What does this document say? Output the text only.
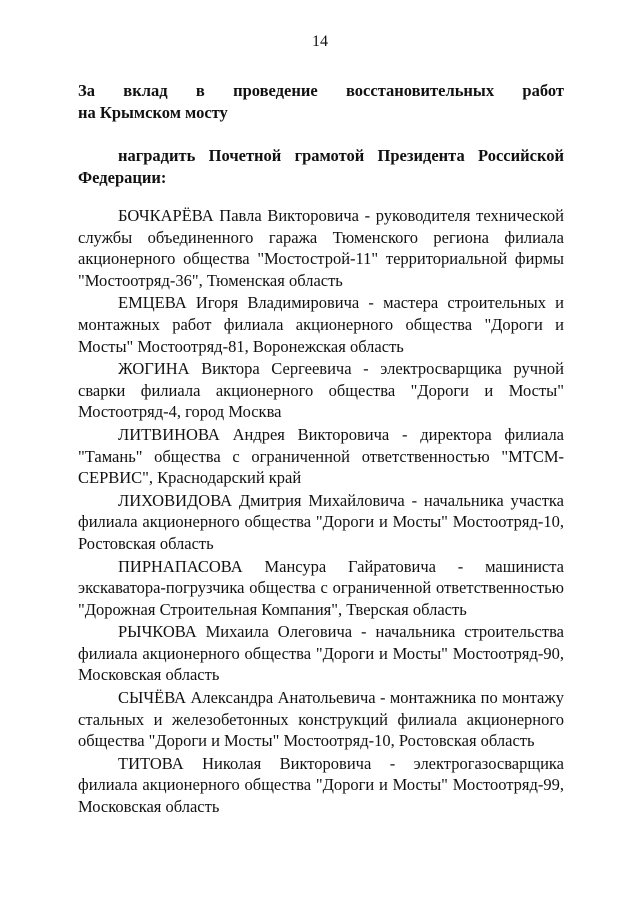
14
За вклад в проведение восстановительных работ
на Крымском мосту
наградить Почетной грамотой Президента Российской
Федерации:

БОЧКАРЁВА Павла Викторовича - руководителя технической службы объединенного гаража Тюменского региона филиала акционерного общества "Мостострой-11" территориальной фирмы "Мостоотряд-36", Тюменская область

ЕМЦЕВА Игоря Владимировича - мастера строительных и монтажных работ филиала акционерного общества "Дороги и Мосты" Мостоотряд-81, Воронежская область

ЖОГИНА Виктора Сергеевича - электросварщика ручной сварки филиала акционерного общества "Дороги и Мосты" Мостоотряд-4, город Москва

ЛИТВИНОВА Андрея Викторовича - директора филиала "Тамань" общества с ограниченной ответственностью "МТСМ-СЕРВИС", Краснодарский край

ЛИХОВИДОВА Дмитрия Михайловича - начальника участка филиала акционерного общества "Дороги и Мосты" Мостоотряд-10, Ростовская область

ПИРНАПАСОВА Мансура Гайратовича - машиниста экскаватора-погрузчика общества с ограниченной ответственностью "Дорожная Строительная Компания", Тверская область

РЫЧКОВА Михаила Олеговича - начальника строительства филиала акционерного общества "Дороги и Мосты" Мостоотряд-90, Московская область

СЫЧЁВА Александра Анатольевича - монтажника по монтажу стальных и железобетонных конструкций филиала акционерного общества "Дороги и Мосты" Мостоотряд-10, Ростовская область

ТИТОВА Николая Викторовича - электрогазосварщика филиала акционерного общества "Дороги и Мосты" Мостоотряд-99, Московская область
